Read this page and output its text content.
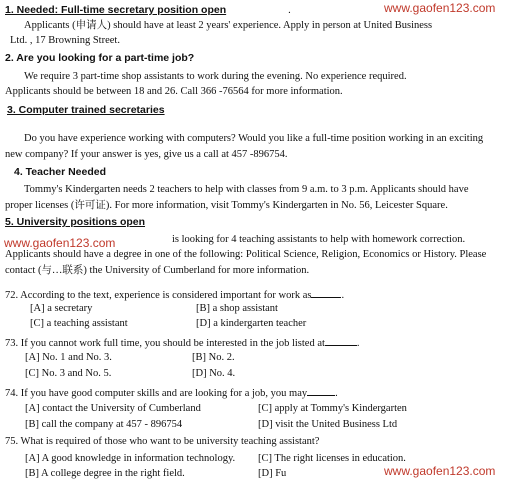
www.gaofen123.com
www.gaofen123.com
www.gaofen123.com
1. Needed: Full-time secretary position open	.
Applicants (申请人) should have at least 2 years' experience. Apply in person at United Business
Ltd. , 17 Browning Street.
2. Are you looking for a part-time job?
We require 3 part-time shop assistants to work during the evening. No experience required.
Applicants should be between 18 and 26. Call 366 -76564 for more information.
3. Computer trained secretaries
Do you have experience working with computers? Would you like a full-time position working in an exciting
new company? If your answer is yes, give us a call at 457 -896754.
4. Teacher Needed
Tommy's Kindergarten needs 2 teachers to help with classes from 9 a.m. to 3 p.m. Applicants should have
proper licenses (许可证). For more information, visit Tommy's Kindergarten in No. 56, Leicester Square.
5. University positions open
is looking for 4 teaching assistants to help with homework correction.
Applicants should have a degree in one of the following: Political Science, Religion, Economics or History. Please
contact (与…联系) the University of Cumberland for more information.
72. According to the text, experience is considered important for work as	.
[A] a secretary	[B] a shop assistant
[C] a teaching assistant	[D] a kindergarten teacher
73. If you cannot work full time, you should be interested in the job listed at	.
[A] No. 1 and No. 3.	[B] No. 2.
[C] No. 3 and No. 5.	[D] No. 4.
74. If you have good computer skills and are looking for a job, you may	.
[A] contact the University of Cumberland	[C] apply at Tommy's Kindergarten
[B] call the company at 457 - 896754	[D] visit the United Business Ltd
75. What is required of those who want to be university teaching assistant?
[A] A good knowledge in information technology. [C] The right licenses in education.
[B] A college degree in the right field.	[D] Fu
